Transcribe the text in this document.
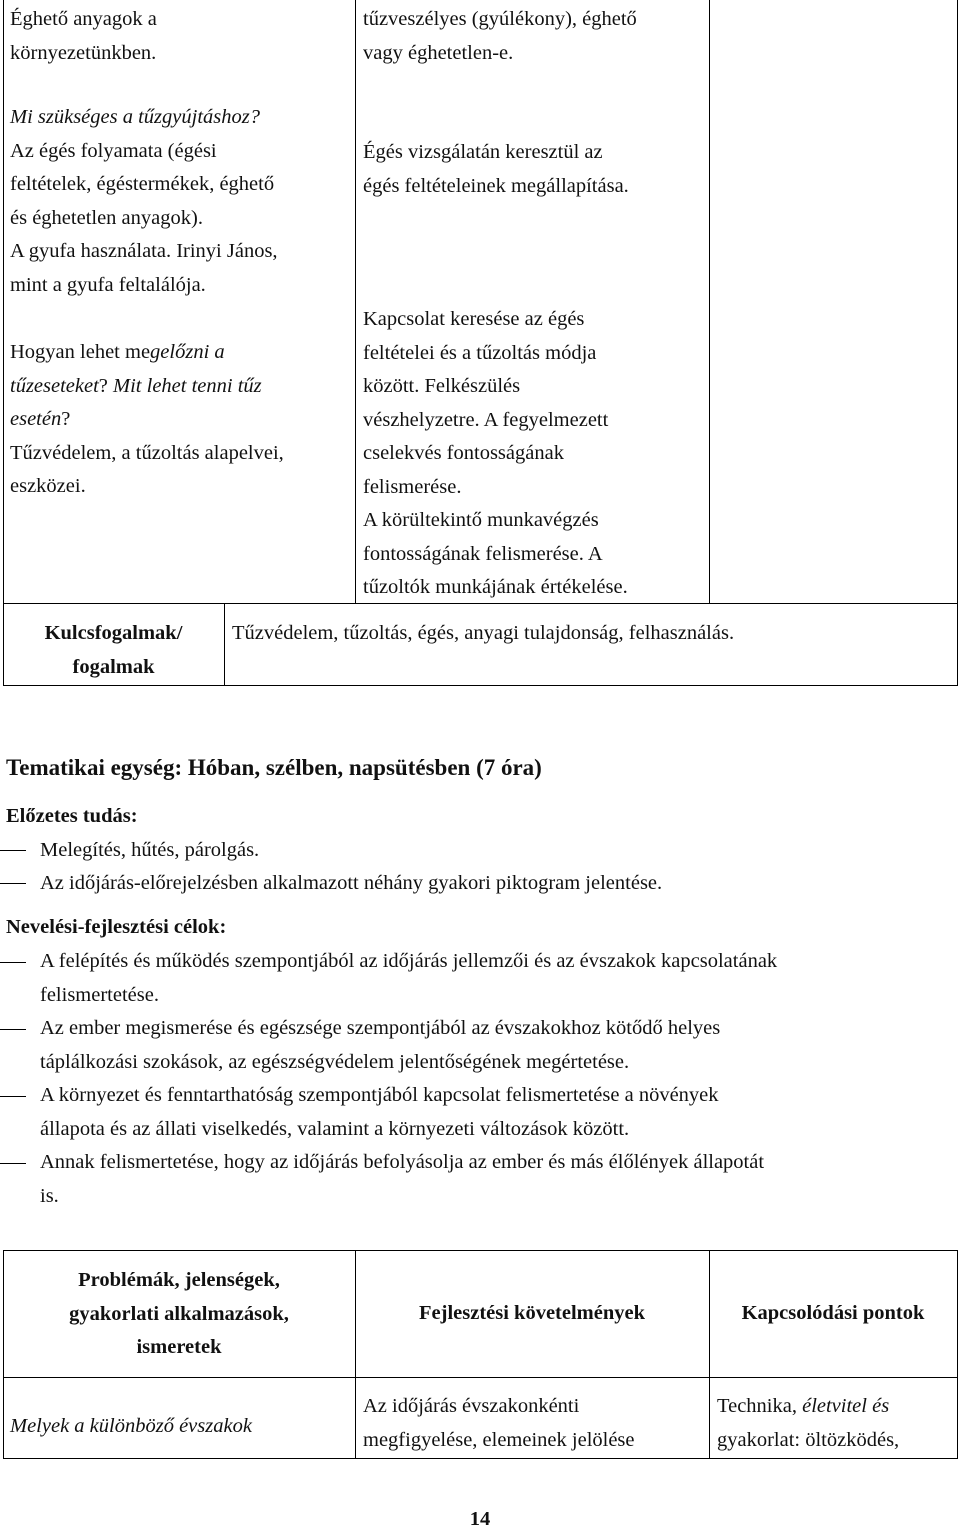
Éghető anyagok a
környezetünkben.
Mi szükséges a tűzgyújtáshoz?
Az égés folyamata (égési
feltételek, égéstermékek, éghető
és éghetetlen anyagok).
A gyufa használata. Irinyi János,
mint a gyufa feltalálója.
Hogyan lehet megelőzni a
tűzeseteket? Mit lehet tenni tűz
esetén?
Tűzvédelem, a tűzoltás alapelvei,
eszközei.
tűzveszélyes (gyúlékony), éghető
vagy éghetetlen-e.
Égés vizsgálatán keresztül az
égés feltételeinek megállapítása.
Kapcsolat keresése az égés
feltételei és a tűzoltás módja
között. Felkészülés
vészhelyzetre. A fegyelmezett
cselekvés fontosságának
felismerése.
A körültekintő munkavégzés
fontosságának felismerése. A
tűzoltók munkájának értékelése.
Kulcsfogalmak/
fogalmak
Tűzvédelem, tűzoltás, égés, anyagi tulajdonság, felhasználás.
Tematikai egység: Hóban, szélben, napsütésben (7 óra)
Előzetes tudás:
Melegítés, hűtés, párolgás.
Az időjárás-előrejelzésben alkalmazott néhány gyakori piktogram jelentése.
Nevelési-fejlesztési célok:
A felépítés és működés szempontjából az időjárás jellemzői és az évszakok kapcsolatának
felismertetése.
Az ember megismerése és egészsége szempontjából az évszakokhoz kötődő helyes
táplálkozási szokások, az egészségvédelem jelentőségének megértetése.
A környezet és fenntarthatóság szempontjából kapcsolat felismertetése a növények
állapota és az állati viselkedés, valamint a környezeti változások között.
Annak felismertetése, hogy az időjárás befolyásolja az ember és más élőlények állapotát
is.
Problémák, jelenségek,
gyakorlati alkalmazások,
ismeretek
Fejlesztési követelmények	Kapcsolódási pontok
Melyek a különböző évszakok
Az időjárás évszakonkénti
megfigyelése, elemeinek jelölése
Technika, életvitel és
gyakorlat: öltözködés,
14
